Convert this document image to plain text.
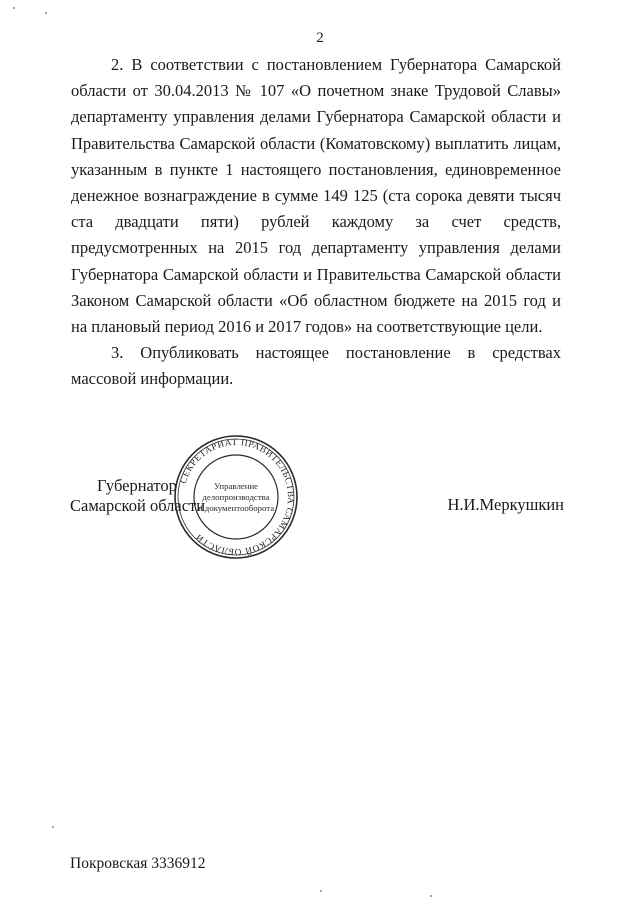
2

2. В соответствии с постановлением Губернатора Самарской области от 30.04.2013 № 107 «О почетном знаке Трудовой Славы» департаменту управления делами Губернатора Самарской области и Правительства Самарской области (Коматовскому) выплатить лицам, указанным в пункте 1 настоящего постановления, единовременное денежное вознаграждение в сумме 149 125 (ста сорока девяти тысяч ста двадцати пяти) рублей каждому за счет средств, предусмотренных на 2015 год департаменту управления делами Губернатора Самарской области и Правительства Самарской области Законом Самарской области «Об областном бюджете на 2015 год и на плановый период 2016 и 2017 годов» на соответствующие цели.

3. Опубликовать настоящее постановление в средствах массовой информации.

Губернатор
Самарской области
СЕКРЕТАРИАТ ПРАВИТЕЛЬСТВА САМАРСКОЙ ОБЛАСТИ
Управление
делопроизводства
и документооборота	Н.И.Меркушкин
Покровская 3336912
